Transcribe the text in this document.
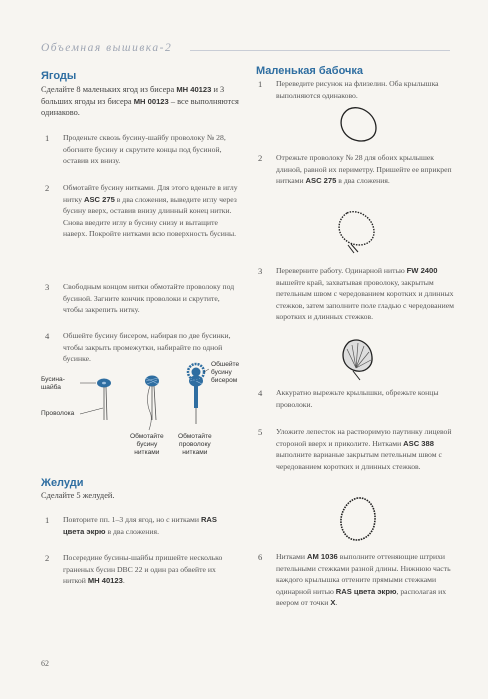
Объемная вышивка-2
Ягоды
Сделайте 8 маленьких ягод из бисера МН 40123 и 3 больших ягоды из бисера МН 00123 – все выполняются одинаково.
1 Проденьте сквозь бусину-шайбу проволоку № 28, обогните бусину и скрутите концы под бусиной, оставив их внизу.
2 Обмотайте бусину нитками. Для этого вденьте в иглу нитку ASC 275 в два сложения, выведите иглу через бусину вверх, оставив внизу длинный конец нитки. Снова введите иглу в бусину снизу и вытащите наверх. Покройте нитками всю поверхность бусины.
3 Свободным концом нитки обмотайте проволоку под бусиной. Загните кончик проволоки и скрутите, чтобы закрепить нитку.
4 Обшейте бусину бисером, набирая по две бусинки, чтобы закрыть промежутки, набирайте по одной бусинке.
Бусина-
шайба
Проволока
Обмотайте
бусину
нитками
Обмотайте
проволоку
нитками
Обшейте
бусину
бисером
Желуди
Сделайте 5 желудей.
1 Повторите пп. 1–3 для ягод, но с нитками RAS цвета экрю в два сложения.
2 Посередине бусины-шайбы пришейте несколько граненых бусин DBC 22 и один раз обвейте их ниткой МН 40123.
Маленькая бабочка
1 Переведите рисунок на флизелин. Оба крылышка выполняются одинаково.
2 Отрежьте проволоку № 28 для обоих крылышек длиной, равной их периметру. Пришейте ее вприкреп нитками ASC 275 в два сложения.
3 Переверните работу. Одинарной нитью FW 2400 вышейте край, захватывая проволоку, закрытым петельным швом с чередованием коротких и длинных стежков, затем заполните поле гладью с чередованием коротких и длинных стежков.
4 Аккуратно вырежьте крылышки, обрежьте концы проволоки.
5 Уложите лепесток на растворимую паутинку лицевой стороной вверх и приколите. Нитками ASC 388 выполните варианые закрытым петельным швом с чередованием коротких и длинных стежков.
6 Нитками АМ 1036 выполните оттеняющие штрихи петельными стежками разной длины. Нижнюю часть каждого крылышка оттените прямыми стежками одинарной нитью RAS цвета экрю, располагая их веером от точки Х.
62
